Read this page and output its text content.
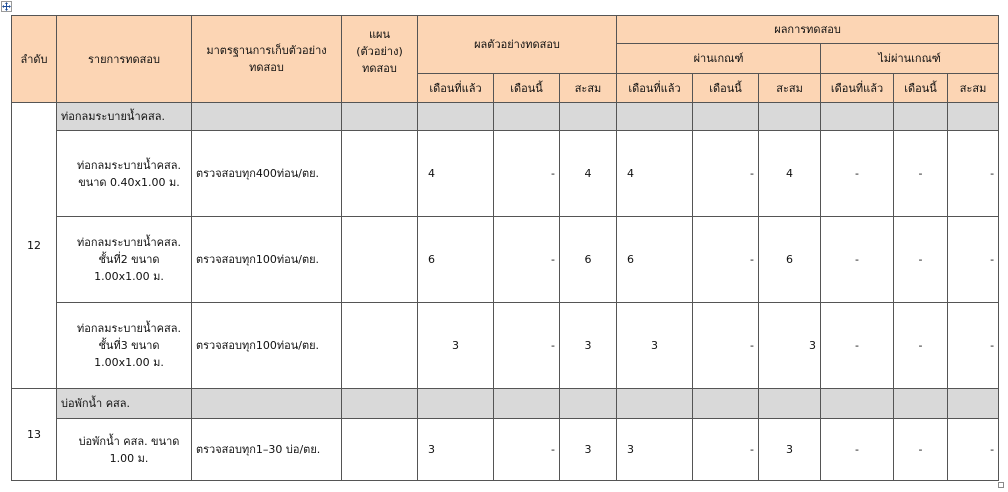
ลำดับ	รายการทดสอบ	มาตรฐานการเก็บตัวอย่างทดสอบ	แผน (ตัวอย่าง) ทดสอบ	ผลตัวอย่างทดสอบ			ผลการทดสอบ					
							ผ่านเกณฑ์			ไม่ผ่านเกณฑ์		
				เดือนที่แล้ว	เดือนนี้	สะสม	เดือนที่แล้ว	เดือนนี้	สะสม	เดือนที่แล้ว	เดือนนี้	สะสม
12	ท่อกลมระบายน้ำคสล.											
	ท่อกลมระบายน้ำคสล. ขนาด 0.40x1.00 ม.	ตรวจสอบทุก400ท่อน/ตย.		4	-	4	4	-	4	-	-	-
	ท่อกลมระบายน้ำคสล. ชั้นที่2 ขนาด 1.00x1.00 ม.	ตรวจสอบทุก100ท่อน/ตย.		6	-	6	6	-	6	-	-	-
	ท่อกลมระบายน้ำคสล. ชั้นที่3 ขนาด 1.00x1.00 ม.	ตรวจสอบทุก100ท่อน/ตย.		3	-	3	3	-	3	-	-	-
13	บ่อพักน้ำ คสล.											
	บ่อพักน้ำ คสล. ขนาด 1.00 ม.	ตรวจสอบทุก1–30 บ่อ/ตย.		3	-	3	3	-	3	-	-	-
